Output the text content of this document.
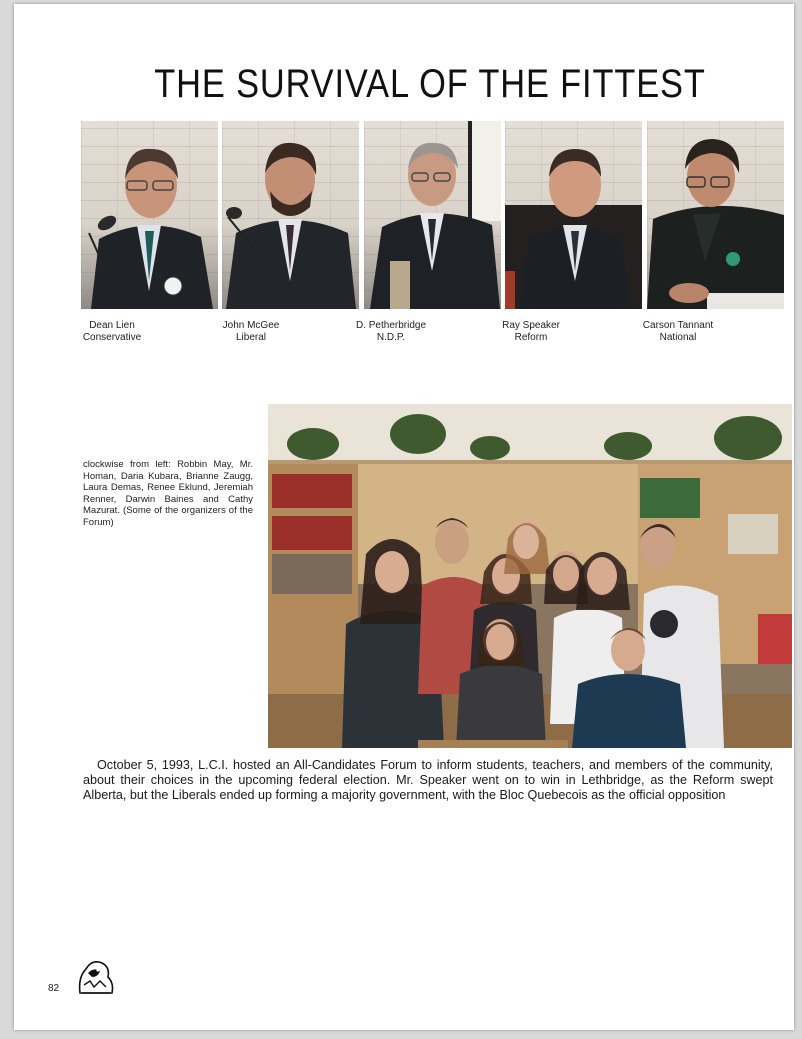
THE SURVIVAL OF THE FITTEST
Dean Lien
Conservative
John McGee
Liberal
D. Petherbridge
N.D.P.
Ray Speaker
Reform
Carson Tannant
National
clockwise from left: Robbin May, Mr. Homan, Daria Kubara, Brianne Zaugg, Laura Demas, Renee Eklund, Jeremiah Renner, Darwin Baines and Cathy Mazurat. (Some of the organizers of the Forum)
October 5, 1993, L.C.I. hosted an All-Candidates Forum to inform students, teachers, and members of the community, about their choices in the upcoming federal election. Mr. Speaker went on to win in Lethbridge, as the Reform swept Alberta, but the Liberals ended up forming a majority government, with the Bloc Quebecois as the official opposition
82
